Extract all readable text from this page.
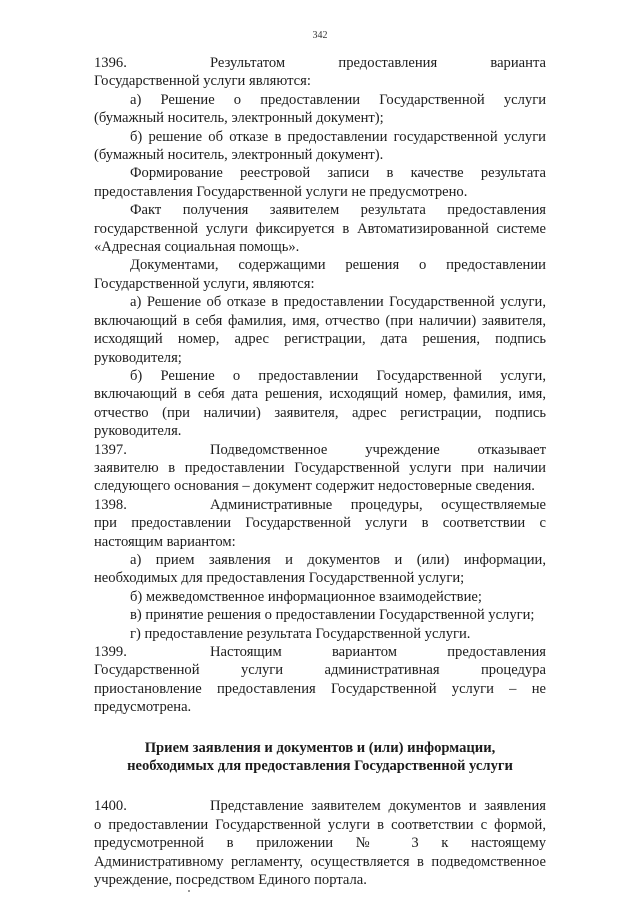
342

1396.	Результатом предоставления варианта

Государственной услуги являются:

а) Решение о предоставлении Государственной услуги

(бумажный носитель, электронный документ);

б) решение об отказе в предоставлении государственной услуги

(бумажный носитель, электронный документ).

Формирование реестровой записи в качестве результата

предоставления Государственной услуги не предусмотрено.

Факт получения заявителем результата предоставления

государственной услуги фиксируется в Автоматизированной системе

«Адресная социальная помощь».

Документами, содержащими решения о предоставлении

Государственной услуги, являются:

а) Решение об отказе в предоставлении Государственной услуги,

включающий в себя фамилия, имя, отчество (при наличии) заявителя,

исходящий номер, адрес регистрации, дата решения, подпись

руководителя;

б) Решение о предоставлении Государственной услуги,

включающий в себя дата решения, исходящий номер, фамилия, имя,

отчество (при наличии) заявителя, адрес регистрации, подпись

руководителя.

1397.	Подведомственное учреждение отказывает

заявителю в предоставлении Государственной услуги при наличии

следующего основания – документ содержит недостоверные сведения.

1398.	Административные процедуры, осуществляемые

при предоставлении Государственной услуги в соответствии с

настоящим вариантом:

а) прием заявления и документов и (или) информации,

необходимых для предоставления Государственной услуги;

б) межведомственное информационное взаимодействие;

в) принятие решения о предоставлении Государственной услуги;

г) предоставление результата Государственной услуги.

1399.	Настоящим вариантом предоставления

Государственной услуги административная процедура

приостановление предоставления Государственной услуги – не

предусмотрена.

Прием заявления и документов и (или) информации,

необходимых для предоставления Государственной услуги

1400.	Представление заявителем документов и заявления

о предоставлении Государственной услуги в соответствии с формой,

предусмотренной в приложении № 3 к настоящему

Административному регламенту, осуществляется в подведомственное

учреждение, посредством Единого портала.
